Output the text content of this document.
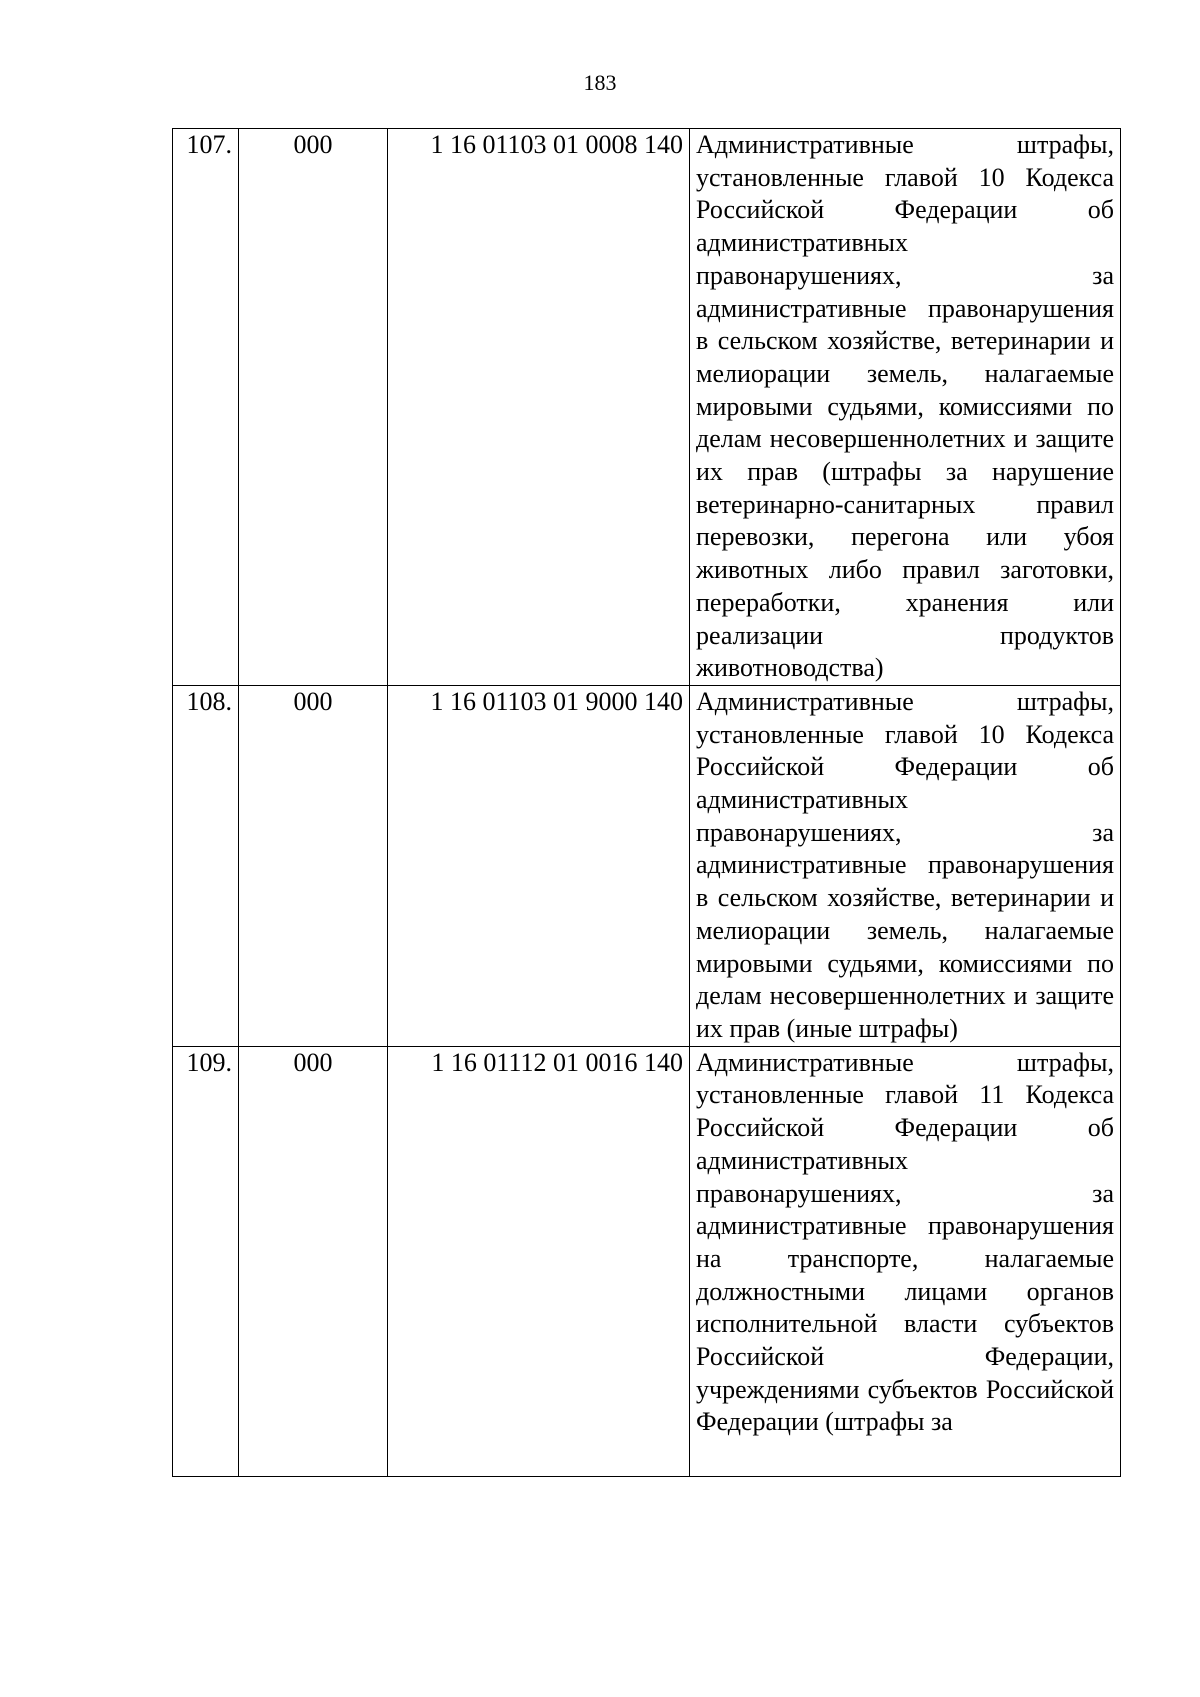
183
107.	000	1 16 01103 01 0008 140	Административные штрафы, установленные главой 10 Кодекса Российской Федерации об административных правонарушениях, за административные правонарушения в сельском хозяйстве, ветеринарии и мелиорации земель, налагаемые мировыми судьями, комиссиями по делам несовершеннолетних и защите их прав (штрафы за нарушение ветеринарно-санитарных правил перевозки, перегона или убоя животных либо правил заготовки, переработки, хранения или реализации продуктов животноводства)
108.	000	1 16 01103 01 9000 140	Административные штрафы, установленные главой 10 Кодекса Российской Федерации об административных правонарушениях, за административные правонарушения в сельском хозяйстве, ветеринарии и мелиорации земель, налагаемые мировыми судьями, комиссиями по делам несовершеннолетних и защите их прав (иные штрафы)
109.	000	1 16 01112 01 0016 140	Административные штрафы, установленные главой 11 Кодекса Российской Федерации об административных правонарушениях, за административные правонарушения на транспорте, налагаемые должностными лицами органов исполнительной власти субъектов Российской Федерации, учреждениями субъектов Российской Федерации (штрафы за
